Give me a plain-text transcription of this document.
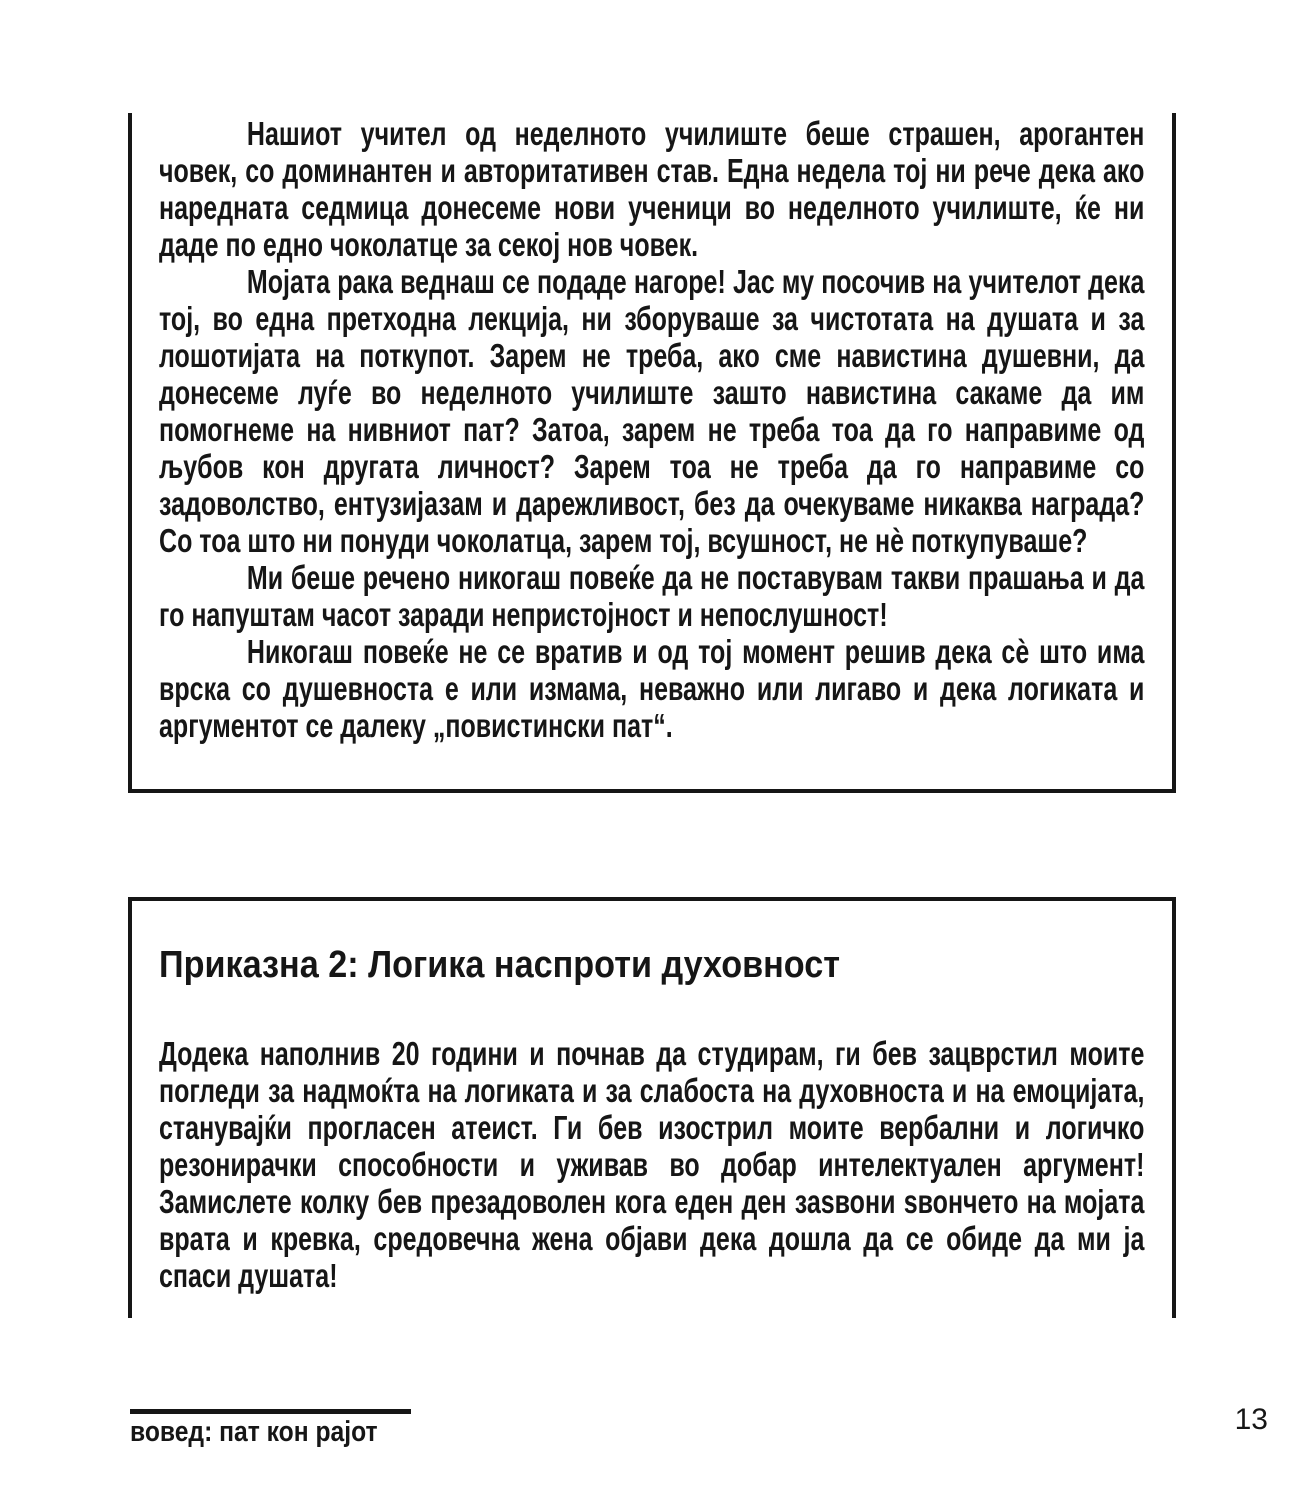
Нашиот учител од неделното училиште беше страшен, арогантен човек, со доминантен и авторитативен став. Една недела тој ни рече дека ако наредната седмица донесеме нови ученици во неделното училиште, ќе ни даде по едно чоколатце за секој нов човек.

Мојата рака веднаш се подаде нагоре! Јас му посочив на учителот дека тој, во една претходна лекција, ни зборуваше за чистотата на душата и за лошотијата на поткупот. Зарем не треба, ако сме навистина душевни, да донесеме луѓе во неделното училиште зашто навистина сакаме да им помогнеме на нивниот пат? Затоа, зарем не треба тоа да го направиме од љубов кон другата личност? Зарем тоа не треба да го направиме со задоволство, ентузијазам и дарежливост, без да очекуваме никаква награда? Со тоа што ни понуди чоколатца, зарем тој, всушност, не нѐ поткупуваше?

Ми беше речено никогаш повеќе да не поставувам такви прашања и да го напуштам часот заради непристојност и непослушност!

Никогаш повеќе не се вратив и од тој момент решив дека сѐ што има врска со душевноста е или измама, неважно или лигаво и дека логиката и аргументот се далеку „повистински пат“.

Приказна 2: Логика наспроти духовност

Додека наполнив 20 години и почнав да студирам, ги бев зацврстил моите погледи за надмоќта на логиката и за слабоста на духовноста и на емоцијата, станувајќи прогласен атеист. Ги бев изострил моите вербални и логичко резонирачки способности и уживав во добар интелектуален аргумент! Замислете колку бев презадоволен кога еден ден заѕвони ѕвончето на мојата врата и кревка, средовечна жена објави дека дошла да се обиде да ми ја спаси душата!

вовед: пат кон рајот	13
